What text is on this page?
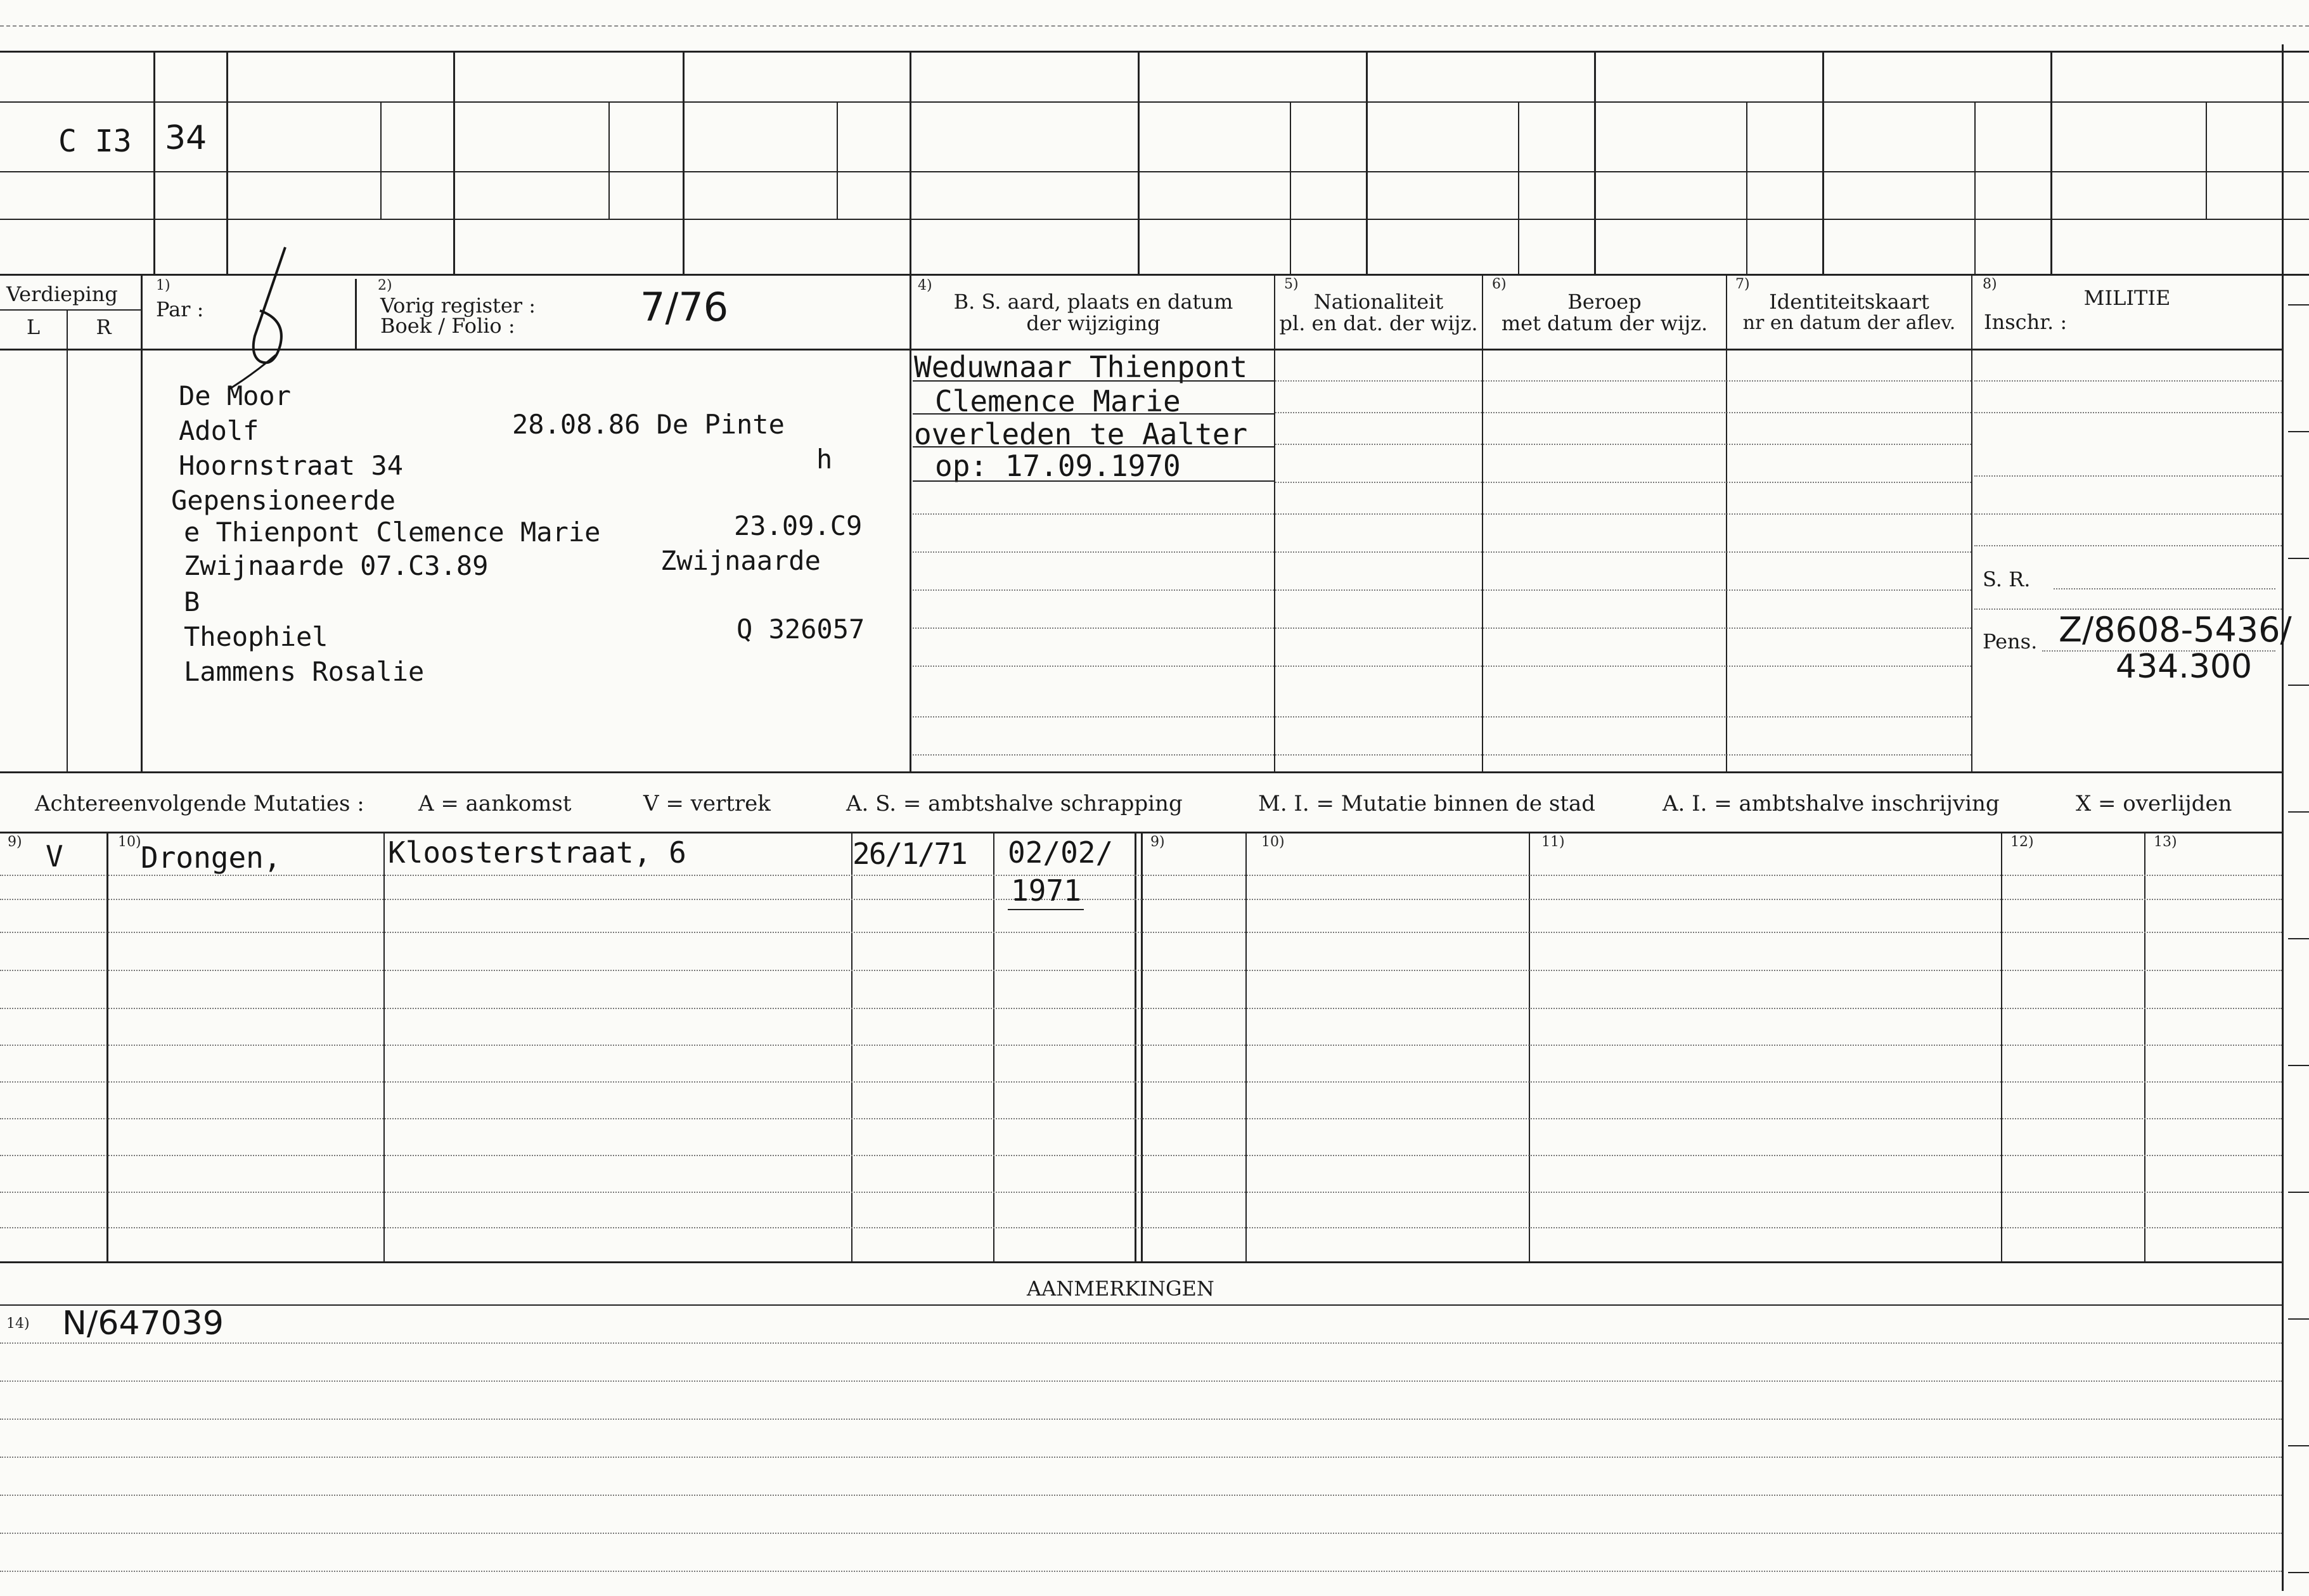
C I3 34
Verdieping
L	R
1)
Par :
2)
Vorig register :
Boek / Folio :	7/76	4)
B. S. aard, plaats en datum
der wijziging
5)
Nationaliteit
pl. en dat. der wijz.
6)
Beroep
met datum der wijz.
7)
Identiteitskaart
nr en datum der aflev.
8)
MILITIE
Inschr. :
De Moor
Adolf	28.08.86 De Pinte
Hoornstraat 34	h
Gepensioneerde
e Thienpont Clemence Marie	23.09.C9
Zwijnaarde 07.C3.89	Zwijnaarde
B
Theophiel	Q 326057
Lammens Rosalie
Weduwnaar Thienpont
Clemence Marie
overleden te Aalter
op: 17.09.1970
S. R.
Pens. Z/8608-5436/
434.300
Achtereenvolgende Mutaties :	A = aankomst	V = vertrek	A. S. = ambtshalve schrapping	M. I. = Mutatie binnen de stad	A. I. = ambtshalve inschrijving	X = overlijden
9)	10)	9)	10)	11)	12)	13)
V	Drongen,	Kloosterstraat, 6	26/1/71 02/02/
1971
AANMERKINGEN
14) N/647039
